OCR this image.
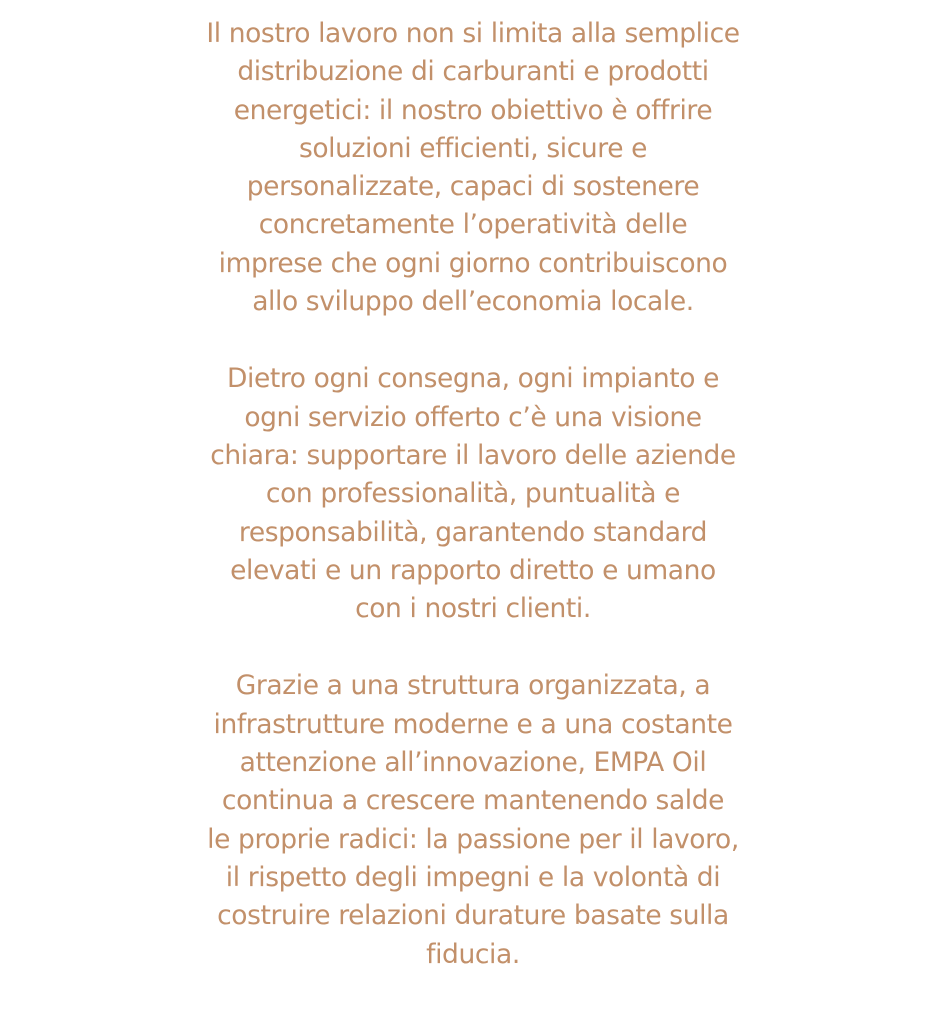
Il nostro lavoro non si limita alla semplice
distribuzione di carburanti e prodotti
energetici: il nostro obiettivo è offrire
soluzioni efficienti, sicure e
personalizzate, capaci di sostenere
concretamente l’operatività delle
imprese che ogni giorno contribuiscono
allo sviluppo dell’economia locale.

Dietro ogni consegna, ogni impianto e
ogni servizio offerto c’è una visione
chiara: supportare il lavoro delle aziende
con professionalità, puntualità e
responsabilità, garantendo standard
elevati e un rapporto diretto e umano
con i nostri clienti.

Grazie a una struttura organizzata, a
infrastrutture moderne e a una costante
attenzione all’innovazione, EMPA Oil
continua a crescere mantenendo salde
le proprie radici: la passione per il lavoro,
il rispetto degli impegni e la volontà di
costruire relazioni durature basate sulla
fiducia.
